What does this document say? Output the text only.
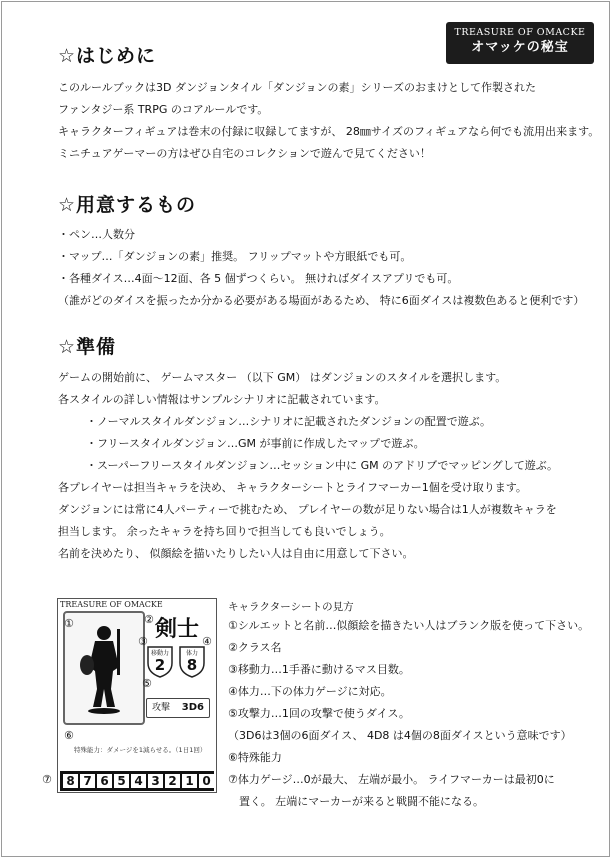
TREASURE OF OMACKE
オマッケの秘宝
☆はじめに
このルールブックは3D ダンジョンタイル「ダンジョンの素」シリーズのおまけとして作製された
ファンタジー系 TRPG のコアルールです。
キャラクターフィギュアは巻末の付録に収録してますが、 28㎜サイズのフィギュアなら何でも流用出来ます。
ミニチュアゲーマーの方はぜひ自宅のコレクションで遊んで見てください！
☆用意するもの
・ペン…人数分
・マップ…「ダンジョンの素」推奨。 フリップマットや方眼紙でも可。
・各種ダイス…4面〜12面、各 5 個ずつくらい。 無ければダイスアプリでも可。
（誰がどのダイスを振ったか分かる必要がある場面があるため、 特に6面ダイスは複数色あると便利です）
☆準備
ゲームの開始前に、 ゲームマスター （以下 GM） はダンジョンのスタイルを選択します。
各スタイルの詳しい情報はサンプルシナリオに記載されています。
・ノーマルスタイルダンジョン…シナリオに記載されたダンジョンの配置で遊ぶ。
・フリースタイルダンジョン…GM が事前に作成したマップで遊ぶ。
・スーパーフリースタイルダンジョン…セッション中に GM のアドリブでマッピングして遊ぶ。
各プレイヤーは担当キャラを決め、 キャラクターシートとライフマーカー1個を受け取ります。
ダンジョンには常に4人パーティーで挑むため、 プレイヤーの数が足りない場合は1人が複数キャラを
担当します。 余ったキャラを持ち回りで担当しても良いでしょう。
名前を決めたり、 似顔絵を描いたりしたい人は自由に用意して下さい。
TREASURE OF OMACKE
剣士
移動力
2
体力
8
攻撃 3D6
特殊能力：ダメージを1減らせる。（1日1回）
①	②
③	④
⑤
⑥
8 7 6 5 4 3 2 1 0
⑦
キャラクターシートの見方
①シルエットと名前…似顔絵を描きたい人はブランク版を使って下さい。
②クラス名
③移動力…1手番に動けるマス目数。
④体力…下の体力ゲージに対応。
⑤攻撃力…1回の攻撃で使うダイス。
（3D6は3個の6面ダイス、 4D8 は4個の8面ダイスという意味です）
⑥特殊能力
⑦体力ゲージ…0が最大、 左端が最小。 ライフマーカーは最初0に
　置く。 左端にマーカーが来ると戦闘不能になる。
